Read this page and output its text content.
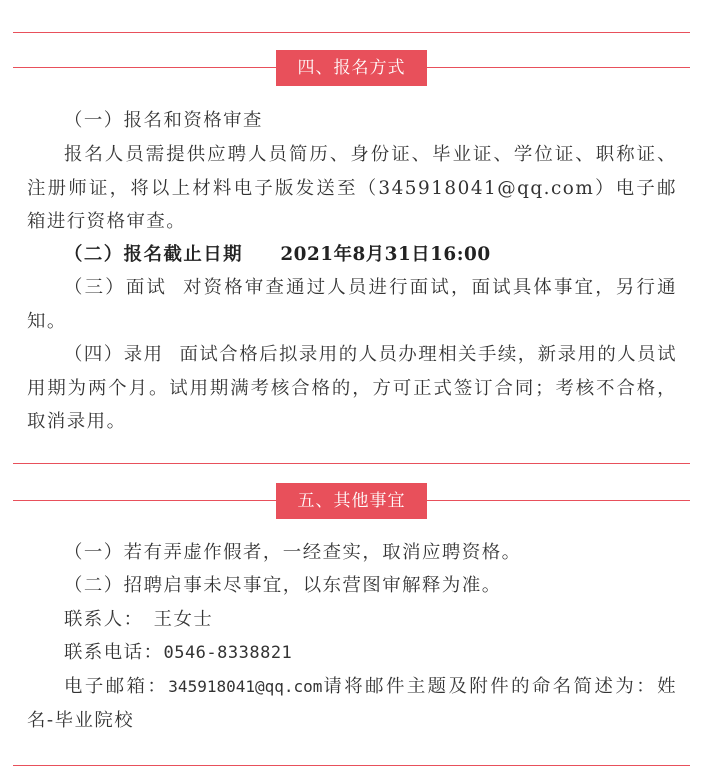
四、报名方式

（一）报名和资格审查

报名人员需提供应聘人员简历、身份证、毕业证、学位证、职称证、注册师证，将以上材料电子版发送至（345918041@qq.com）电子邮箱进行资格审查。

（二）报名截止日期 2021年8月31日16:00

（三）面试 对资格审查通过人员进行面试，面试具体事宜，另行通知。

（四）录用 面试合格后拟录用的人员办理相关手续，新录用的人员试用期为两个月。试用期满考核合格的，方可正式签订合同；考核不合格，取消录用。

五、其他事宜

（一）若有弄虚作假者，一经查实，取消应聘资格。

（二）招聘启事未尽事宜，以东营图审解释为准。

联系人： 王女士

联系电话：0546-8338821

电子邮箱：345918041@qq.com请将邮件主题及附件的命名简述为：姓名-毕业院校
